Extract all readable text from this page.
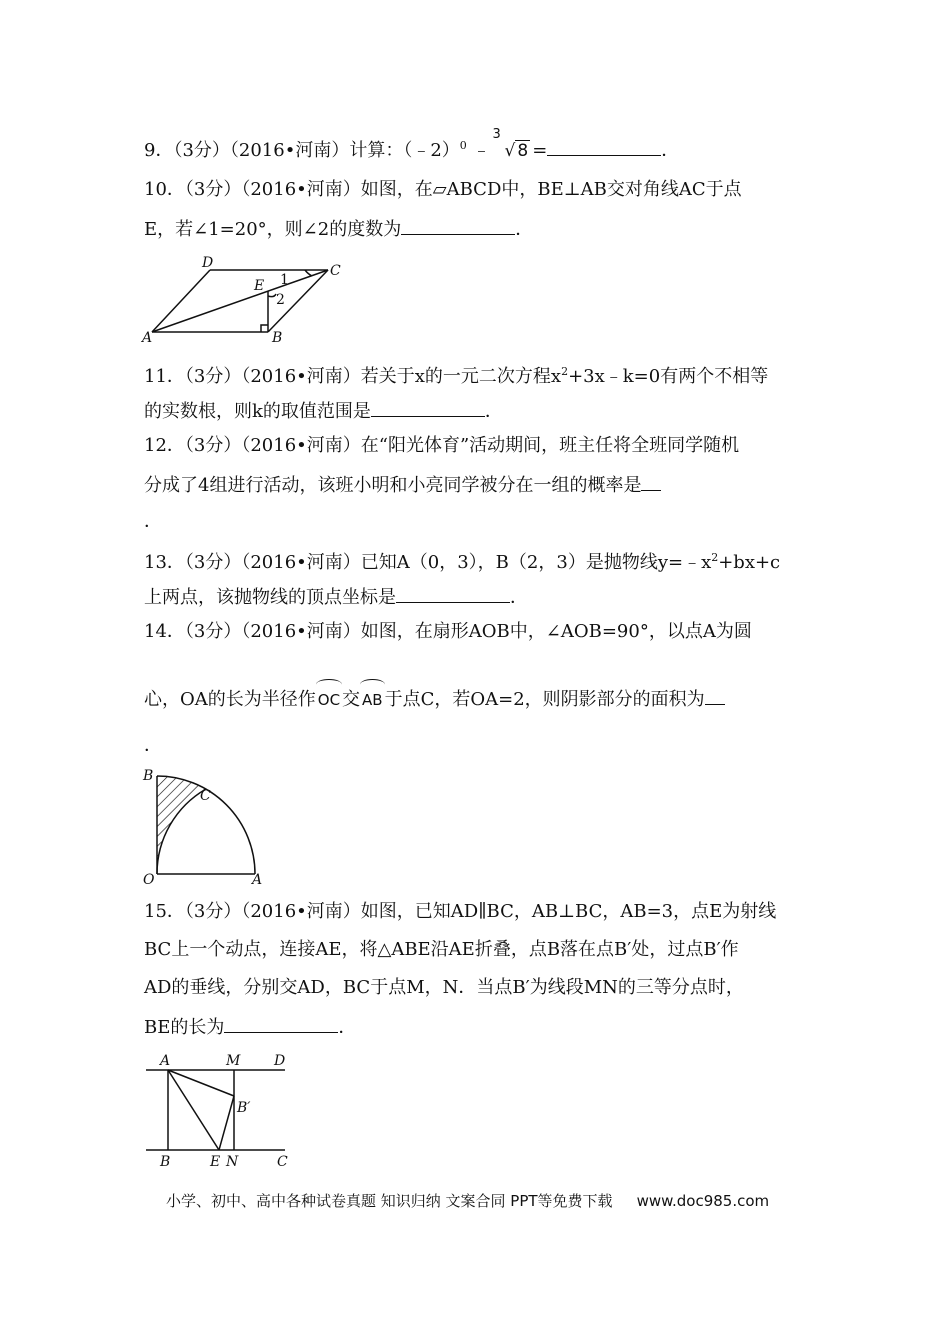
9．（3分）（2016•河南）计算：（﹣2）$^0$ ﹣
3
√ 8 =	．
10．（3分）（2016•河南）如图，在▱ABCD中，BE⊥AB交对角线AC于点
E，若∠1=20°，则∠2的度数为	．
D	C
E 1
2
A	B
11．（3分）（2016•河南）若关于x的一元二次方程$x^2+3x﹣k=0$有两个不相等
的实数根，则k的取值范围是	．
12．（3分）（2016•河南）在“阳光体育”活动期间，班主任将全班同学随机
分成了4组进行活动，该班小明和小亮同学被分在一组的概率是
．
13．（3分）（2016•河南）已知A（0，3），B（2，3）是抛物线$y=﹣x^2+bx+c$
上两点，该抛物线的顶点坐标是	．
14．（3分）（2016•河南）如图，在扇形AOB中，∠AOB=90°，以点A为圆
心，OA的长为半径作 OC 交 AB 于点C，若OA=2，则阴影部分的面积为
．
B
C
O	A
15．（3分）（2016•河南）如图，已知AD∥BC，AB⊥BC，AB=3，点E为射线
BC上一个动点，连接AE，将△ABE沿AE折叠，点B落在点B′处，过点B′作
AD的垂线，分别交AD，BC于点M，N．当点B′为线段MN的三等分点时，
BE的长为	．
A	M D
B′
B	E N	C
小学、初中、高中各种试卷真题 知识归纳 文案合同 PPT等免费下载 www.doc985.com
